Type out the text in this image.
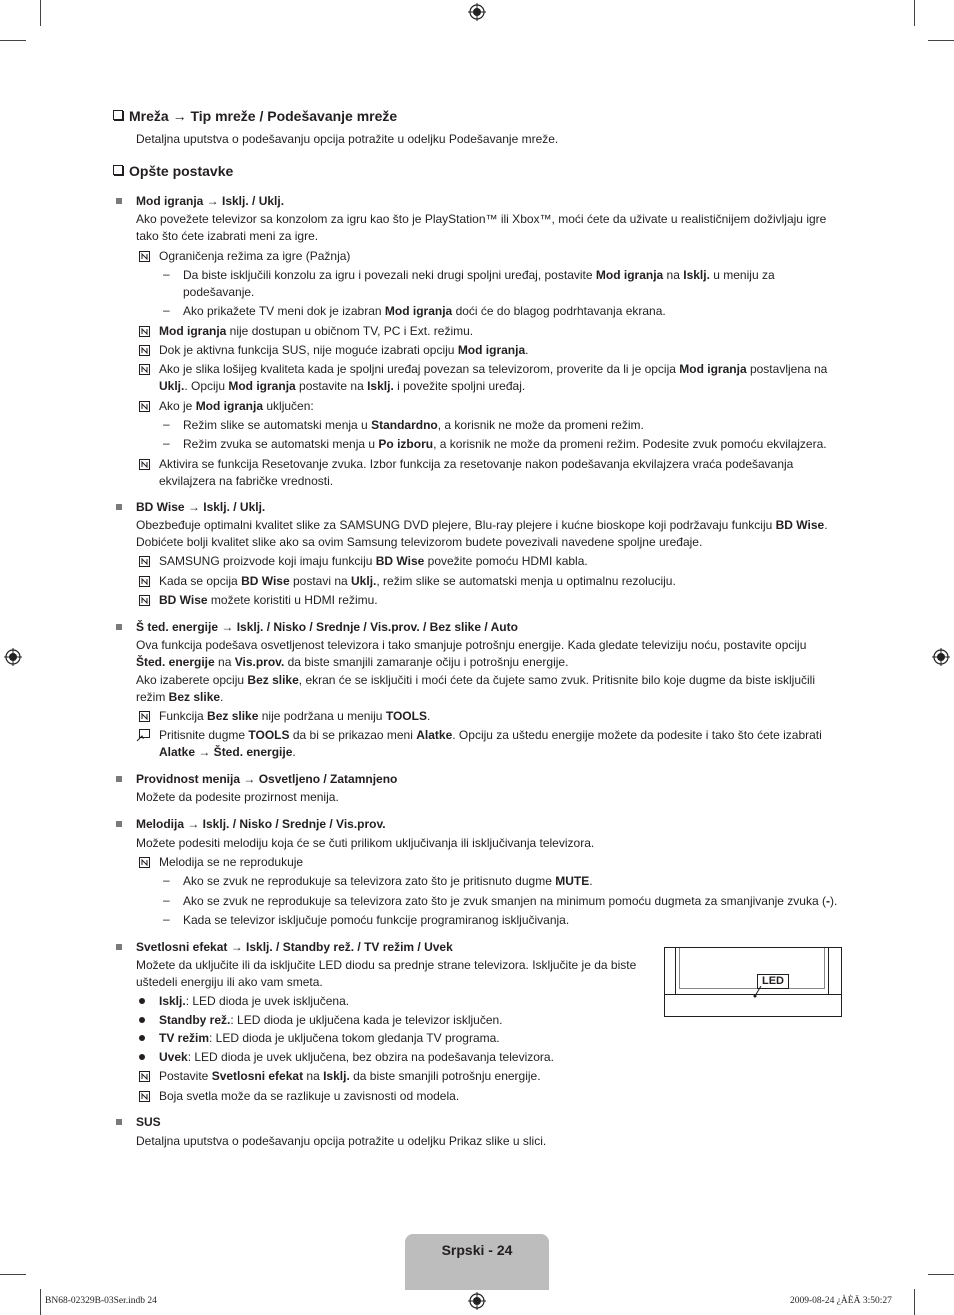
Mreža → Tip mreže / Podešavanje mreže
Detaljna uputstva o podešavanju opcija potražite u odeljku Podešavanje mreže.
Opšte postavke
Mod igranja → Isklj. / Uklj.
Ako povežete televizor sa konzolom za igru kao što je PlayStation™ ili Xbox™, moći ćete da uživate u realističnijem doživljaju igre
tako što ćete izabrati meni za igre.
Ograničenja režima za igre (Pažnja)
– Da biste isključili konzolu za igru i povezali neki drugi spoljni uređaj, postavite Mod igranja na Isklj. u meniju za
podešavanje.
– Ako prikažete TV meni dok je izabran Mod igranja doći će do blagog podrhtavanja ekrana.
Mod igranja nije dostupan u običnom TV, PC i Ext. režimu.
Dok je aktivna funkcija SUS, nije moguće izabrati opciju Mod igranja.
Ako je slika lošijeg kvaliteta kada je spoljni uređaj povezan sa televizorom, proverite da li je opcija Mod igranja postavljena na
Uklj.. Opciju Mod igranja postavite na Isklj. i povežite spoljni uređaj.
Ako je Mod igranja uključen:
– Režim slike se automatski menja u Standardno, a korisnik ne može da promeni režim.
– Režim zvuka se automatski menja u Po izboru, a korisnik ne može da promeni režim. Podesite zvuk pomoću ekvilajzera.
Aktivira se funkcija Resetovanje zvuka. Izbor funkcija za resetovanje nakon podešavanja ekvilajzera vraća podešavanja
ekvilajzera na fabričke vrednosti.
BD Wise → Isklj. / Uklj.
Obezbeđuje optimalni kvalitet slike za SAMSUNG DVD plejere, Blu-ray plejere i kućne bioskope koji podržavaju funkciju BD Wise.
Dobićete bolji kvalitet slike ako sa ovim Samsung televizorom budete povezivali navedene spoljne uređaje.
SAMSUNG proizvode koji imaju funkciju BD Wise povežite pomoću HDMI kabla.
Kada se opcija BD Wise postavi na Uklj., režim slike se automatski menja u optimalnu rezoluciju.
BD Wise možete koristiti u HDMI režimu.
Š ted. energije → Isklj. / Nisko / Srednje / Vis.prov. / Bez slike / Auto
Ova funkcija podešava osvetljenost televizora i tako smanjuje potrošnju energije. Kada gledate televiziju noću, postavite opciju
Šted. energije na Vis.prov. da biste smanjili zamaranje očiju i potrošnju energije.
Ako izaberete opciju Bez slike, ekran će se isključiti i moći ćete da čujete samo zvuk. Pritisnite bilo koje dugme da biste isključili
režim Bez slike.
Funkcija Bez slike nije podržana u meniju TOOLS.
Pritisnite dugme TOOLS da bi se prikazao meni Alatke. Opciju za uštedu energije možete da podesite i tako što ćete izabrati
Alatke → Šted. energije.
Providnost menija → Osvetljeno / Zatamnjeno
Možete da podesite prozirnost menija.
Melodija → Isklj. / Nisko / Srednje / Vis.prov.
Možete podesiti melodiju koja će se čuti prilikom uključivanja ili isključivanja televizora.
Melodija se ne reprodukuje
– Ako se zvuk ne reprodukuje sa televizora zato što je pritisnuto dugme MUTE.
– Ako se zvuk ne reprodukuje sa televizora zato što je zvuk smanjen na minimum pomoću dugmeta za smanjivanje zvuka (-).
– Kada se televizor isključuje pomoću funkcije programiranog isključivanja.
Svetlosni efekat → Isklj. / Standby rež. / TV režim / Uvek
Možete da uključite ili da isključite LED diodu sa prednje strane televizora. Isključite je da biste
uštedeli energiju ili ako vam smeta.	LED
Isklj.: LED dioda je uvek isključena.
Standby rež.: LED dioda je uključena kada je televizor isključen.
TV režim: LED dioda je uključena tokom gledanja TV programa.
Uvek: LED dioda je uvek uključena, bez obzira na podešavanja televizora.
Postavite Svetlosni efekat na Isklj. da biste smanjili potrošnju energije.
Boja svetla može da se razlikuje u zavisnosti od modela.
SUS
Detaljna uputstva o podešavanju opcija potražite u odeljku Prikaz slike u slici.
Srpski - 24
BN68-02329B-03Ser.indb 24	2009-08-24 ¿ÀÈÄ 3:50:27
